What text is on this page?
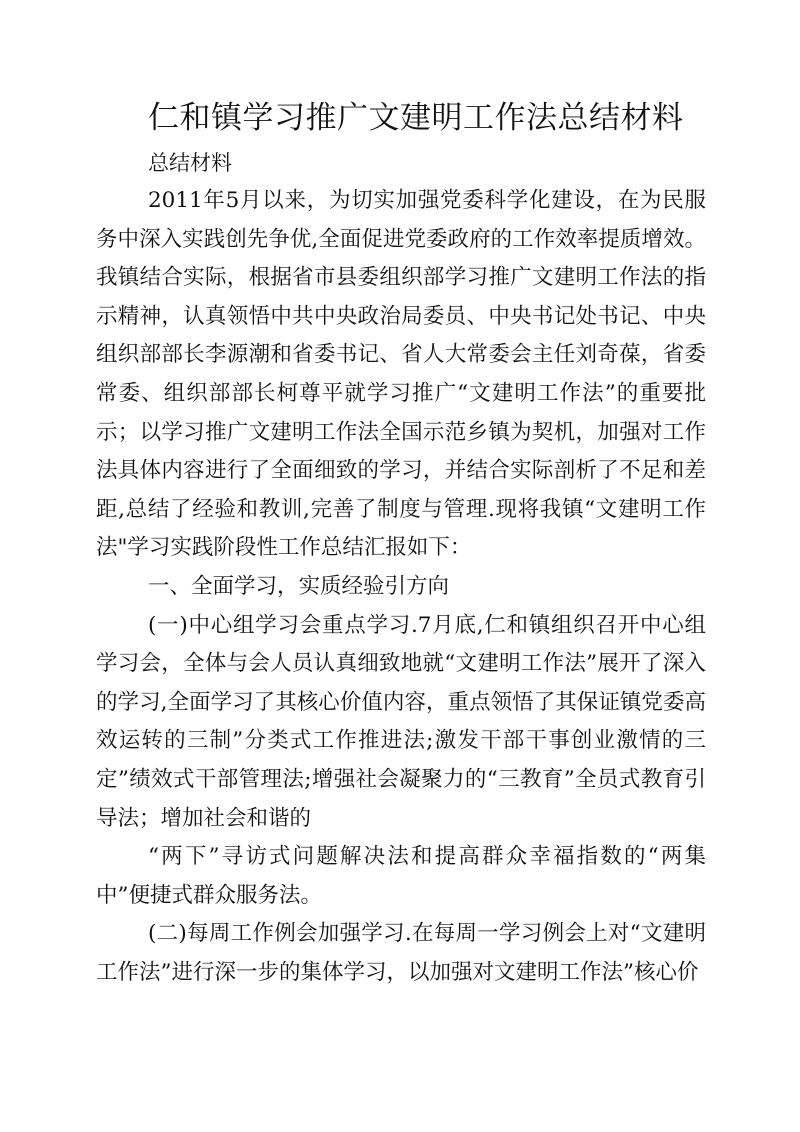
仁和镇学习推广文建明工作法总结材料
总结材料

2011年5月以来，为切实加强党委科学化建设，在为民服务中深入实践创先争优,全面促进党委政府的工作效率提质增效。我镇结合实际，根据省市县委组织部学习推广文建明工作法的指示精神，认真领悟中共中央政治局委员、中央书记处书记、中央组织部部长李源潮和省委书记、省人大常委会主任刘奇葆，省委常委、组织部部长柯尊平就学习推广“文建明工作法”的重要批示；以学习推广文建明工作法全国示范乡镇为契机，加强对工作法具体内容进行了全面细致的学习，并结合实际剖析了不足和差距,总结了经验和教训,完善了制度与管理.现将我镇“文建明工作法"学习实践阶段性工作总结汇报如下：

一、全面学习，实质经验引方向

(一)中心组学习会重点学习.7月底,仁和镇组织召开中心组学习会，全体与会人员认真细致地就“文建明工作法”展开了深入的学习,全面学习了其核心价值内容，重点领悟了其保证镇党委高效运转的三制”分类式工作推进法;激发干部干事创业激情的三定”绩效式干部管理法;增强社会凝聚力的“三教育”全员式教育引导法；增加社会和谐的

“两下”寻访式问题解决法和提高群众幸福指数的“两集中”便捷式群众服务法。

(二)每周工作例会加强学习.在每周一学习例会上对“文建明工作法”进行深一步的集体学习，以加强对文建明工作法”核心价
